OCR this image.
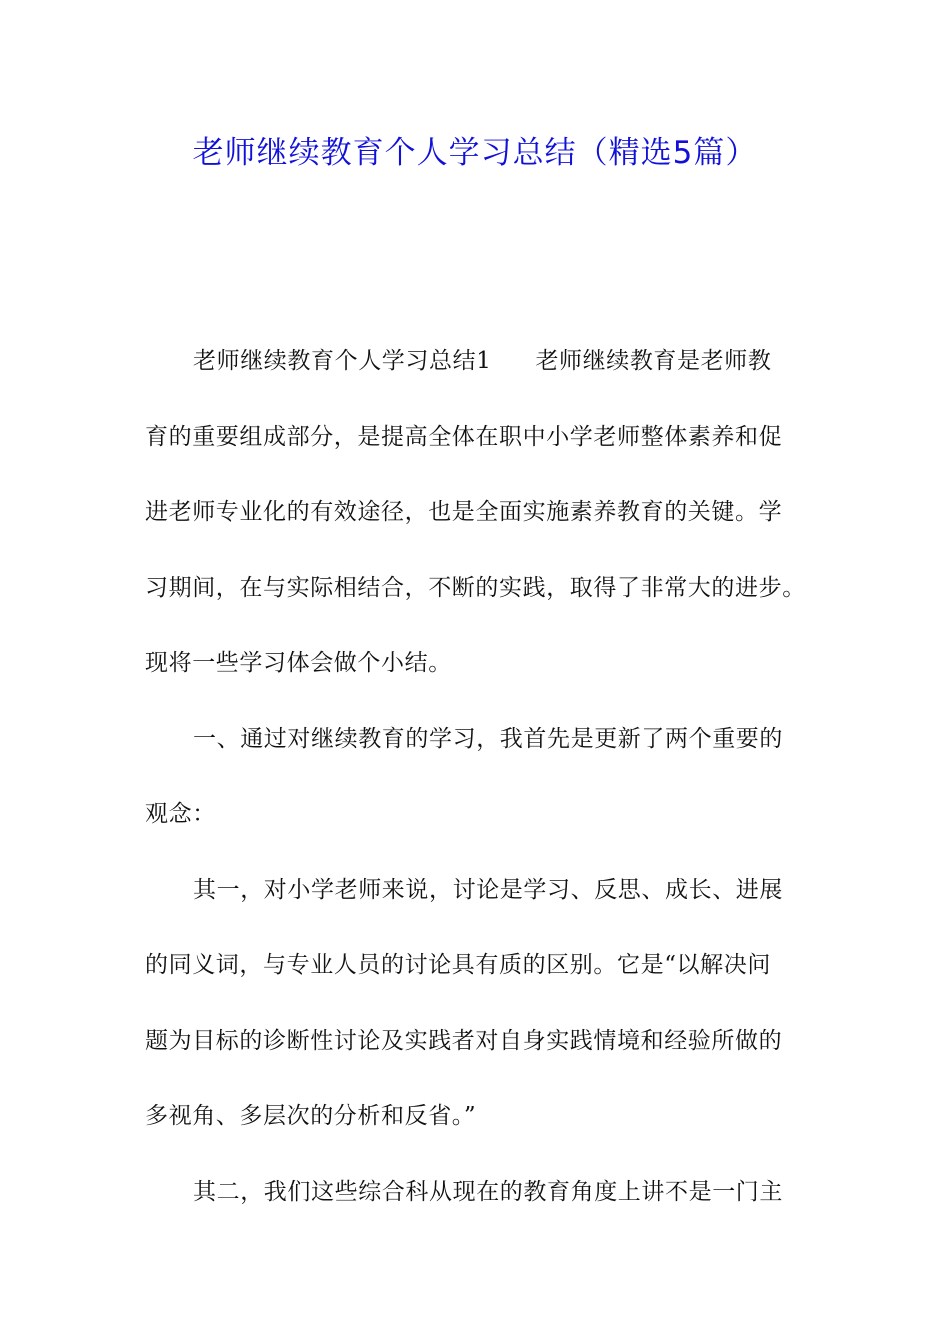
老师继续教育个人学习总结（精选5篇）
老师继续教育个人学习总结1 老师继续教育是老师教
育的重要组成部分，是提高全体在职中小学老师整体素养和促
进老师专业化的有效途径，也是全面实施素养教育的关键。学
习期间，在与实际相结合，不断的实践，取得了非常大的进步。
现将一些学习体会做个小结。
一、通过对继续教育的学习，我首先是更新了两个重要的
观念：
其一，对小学老师来说，讨论是学习、反思、成长、进展
的同义词，与专业人员的讨论具有质的区别。它是“以解决问
题为目标的诊断性讨论及实践者对自身实践情境和经验所做的
多视角、多层次的分析和反省。”
其二，我们这些综合科从现在的教育角度上讲不是一门主
